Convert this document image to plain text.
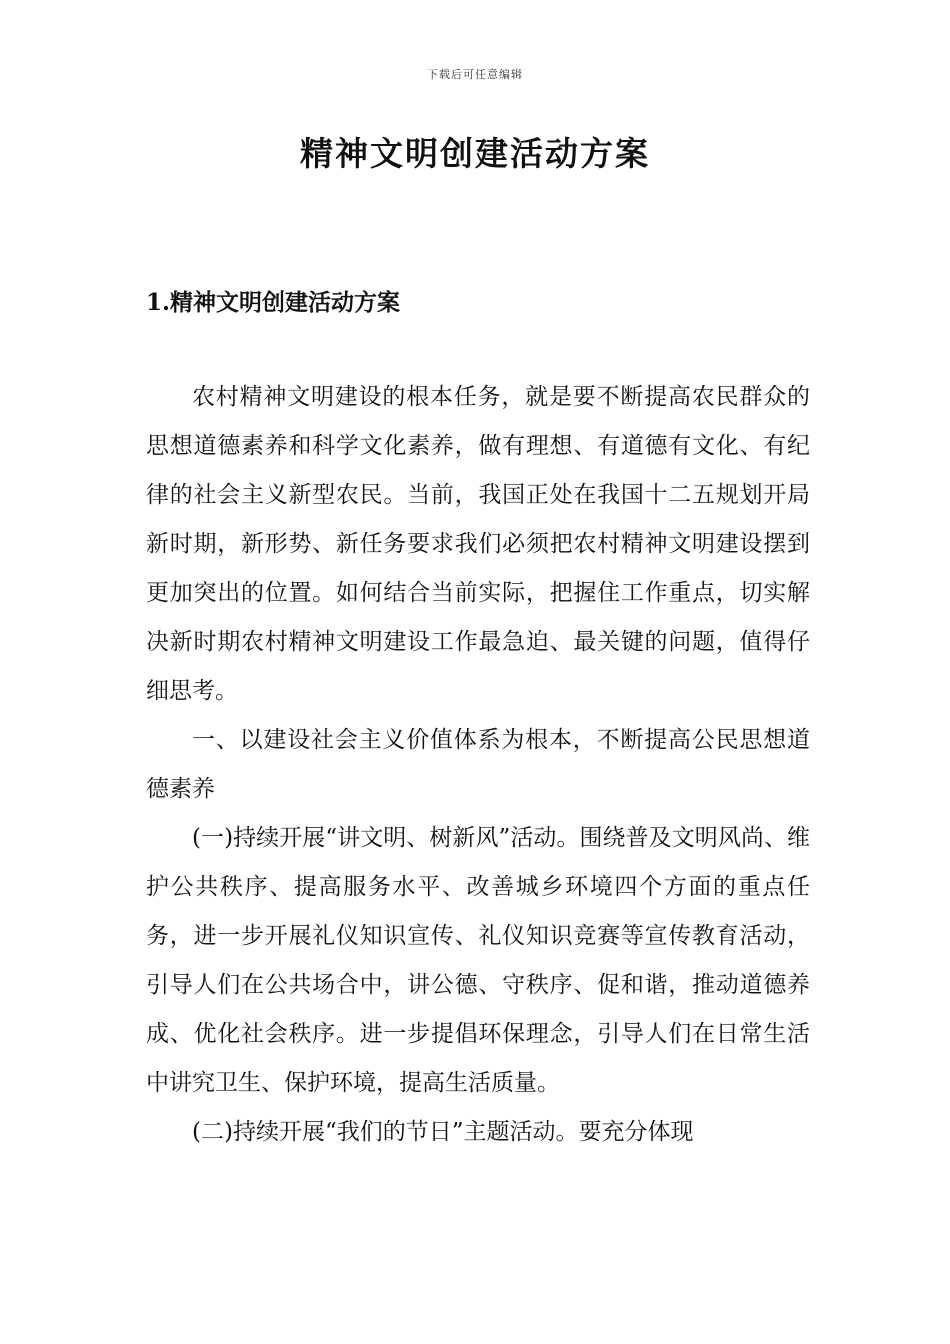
下载后可任意编辑
精神文明创建活动方案
1.精神文明创建活动方案

农村精神文明建设的根本任务，就是要不断提高农民群众的思想道德素养和科学文化素养，做有理想、有道德有文化、有纪律的社会主义新型农民。当前，我国正处在我国十二五规划开局新时期，新形势、新任务要求我们必须把农村精神文明建设摆到更加突出的位置。如何结合当前实际，把握住工作重点，切实解决新时期农村精神文明建设工作最急迫、最关键的问题，值得仔细思考。

一、以建设社会主义价值体系为根本，不断提高公民思想道德素养

(一)持续开展“讲文明、树新风”活动。围绕普及文明风尚、维护公共秩序、提高服务水平、改善城乡环境四个方面的重点任务，进一步开展礼仪知识宣传、礼仪知识竞赛等宣传教育活动，引导人们在公共场合中，讲公德、守秩序、促和谐，推动道德养成、优化社会秩序。进一步提倡环保理念，引导人们在日常生活中讲究卫生、保护环境，提高生活质量。

(二)持续开展“我们的节日”主题活动。要充分体现
